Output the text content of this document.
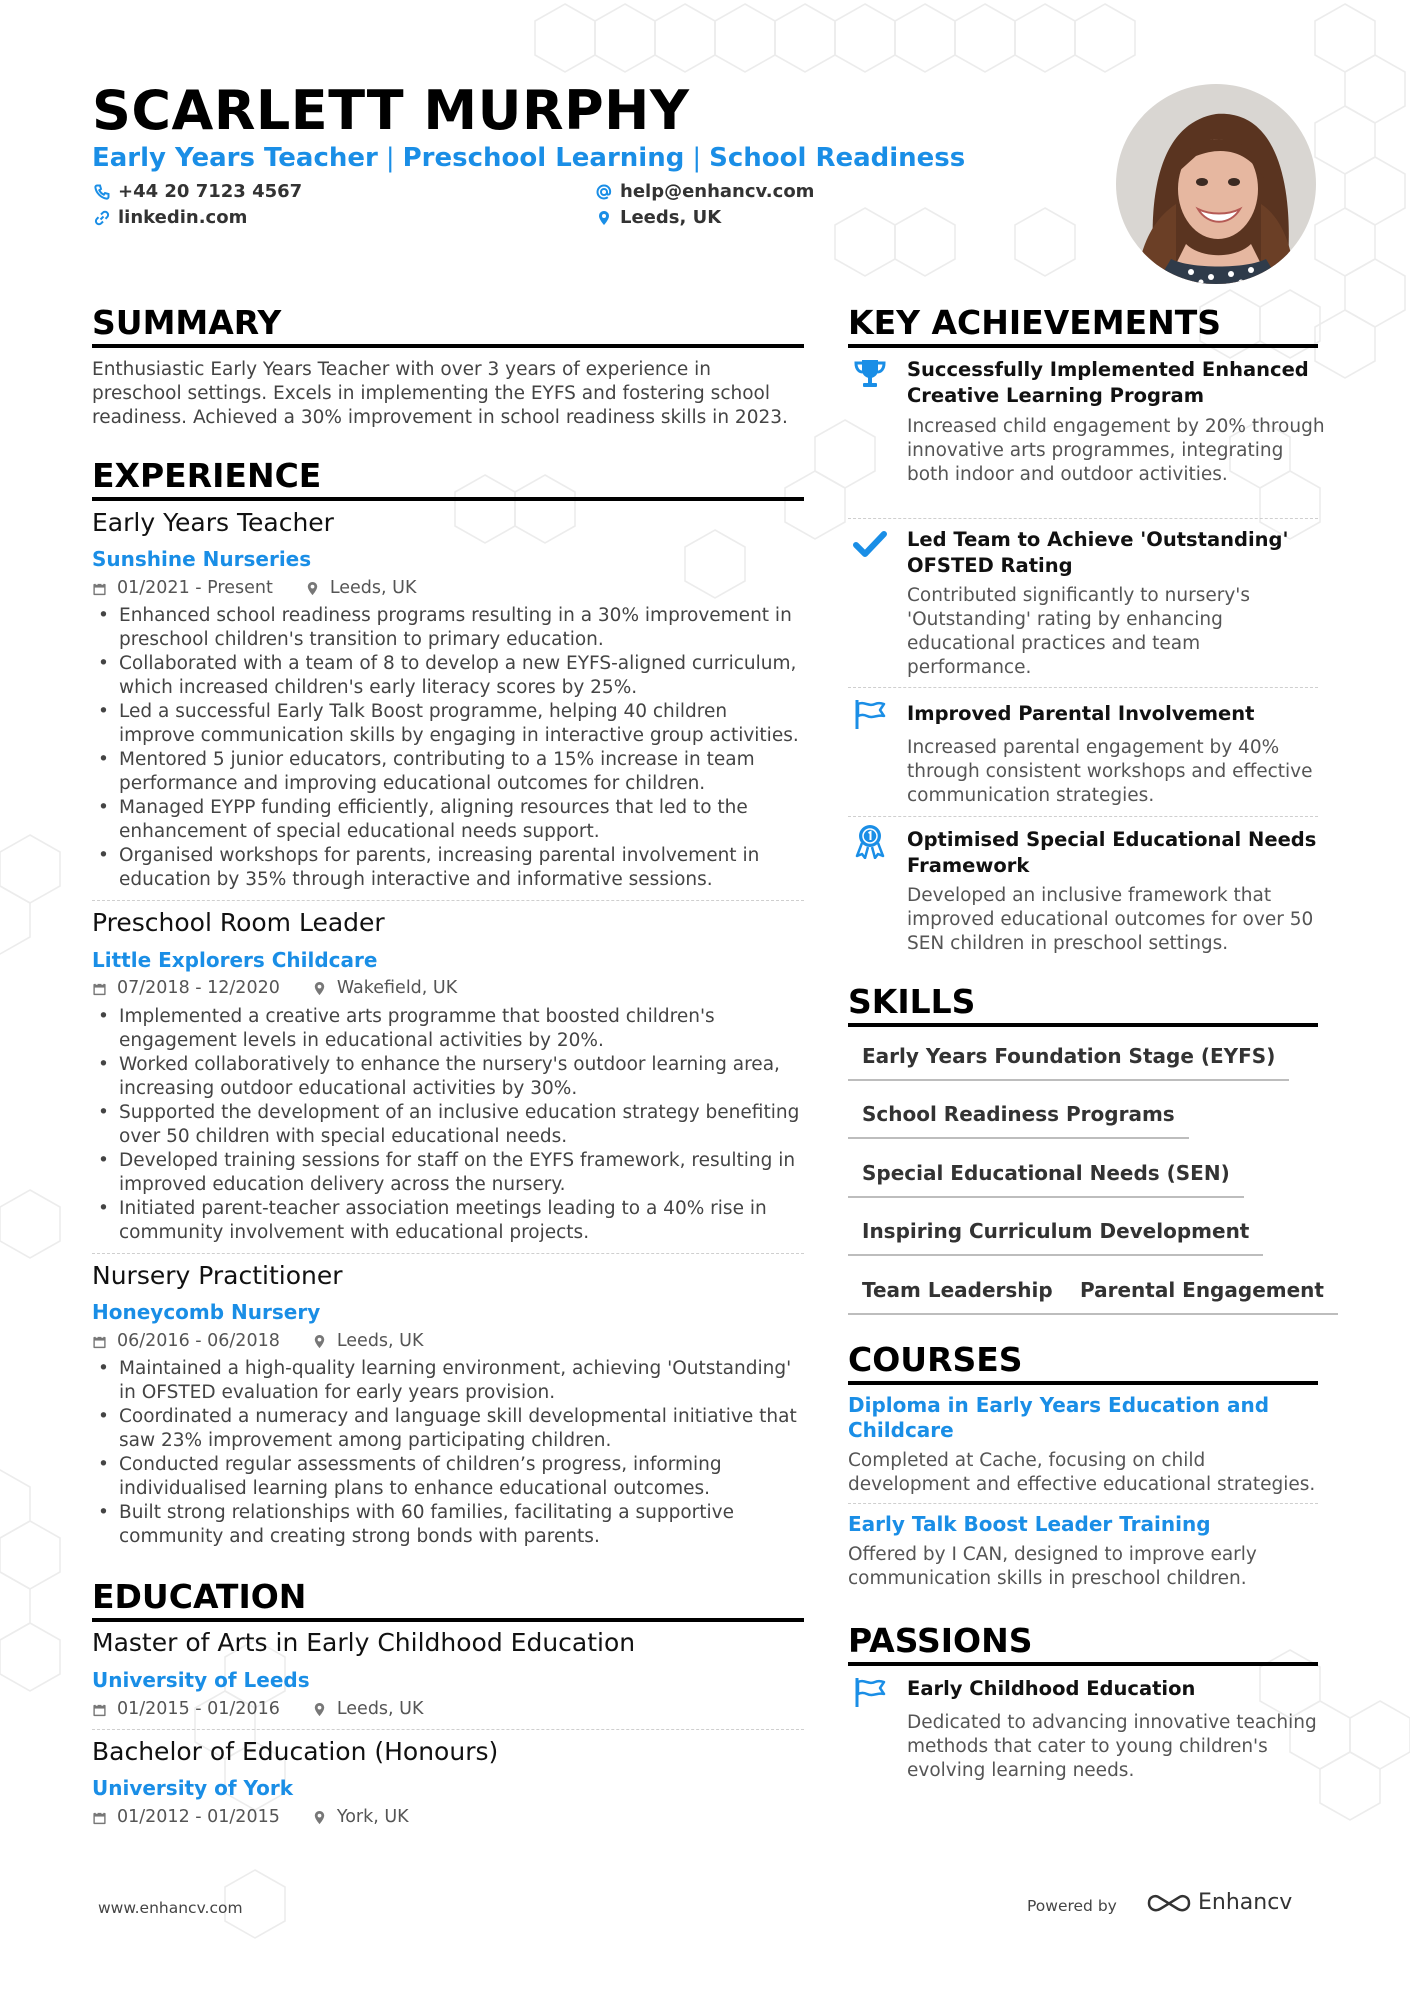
SCARLETT MURPHY
Early Years Teacher | Preschool Learning | School Readiness
+44 20 7123 4567	help@enhancv.com
linkedin.com	Leeds, UK
SUMMARY
Enthusiastic Early Years Teacher with over 3 years of experience in preschool settings. Excels in implementing the EYFS and fostering school readiness. Achieved a 30% improvement in school readiness skills in 2023.
EXPERIENCE
Early Years Teacher
Sunshine Nurseries
01/2021 - Present	Leeds, UK
• Enhanced school readiness programs resulting in a 30% improvement in preschool children's transition to primary education.
• Collaborated with a team of 8 to develop a new EYFS-aligned curriculum, which increased children's early literacy scores by 25%.
• Led a successful Early Talk Boost programme, helping 40 children improve communication skills by engaging in interactive group activities.
• Mentored 5 junior educators, contributing to a 15% increase in team performance and improving educational outcomes for children.
• Managed EYPP funding efficiently, aligning resources that led to the enhancement of special educational needs support.
• Organised workshops for parents, increasing parental involvement in education by 35% through interactive and informative sessions.
Preschool Room Leader
Little Explorers Childcare
07/2018 - 12/2020	Wakefield, UK
• Implemented a creative arts programme that boosted children's engagement levels in educational activities by 20%.
• Worked collaboratively to enhance the nursery's outdoor learning area, increasing outdoor educational activities by 30%.
• Supported the development of an inclusive education strategy benefiting over 50 children with special educational needs.
• Developed training sessions for staff on the EYFS framework, resulting in improved education delivery across the nursery.
• Initiated parent-teacher association meetings leading to a 40% rise in community involvement with educational projects.
Nursery Practitioner
Honeycomb Nursery
06/2016 - 06/2018	Leeds, UK
• Maintained a high-quality learning environment, achieving 'Outstanding' in OFSTED evaluation for early years provision.
• Coordinated a numeracy and language skill developmental initiative that saw 23% improvement among participating children.
• Conducted regular assessments of children’s progress, informing individualised learning plans to enhance educational outcomes.
• Built strong relationships with 60 families, facilitating a supportive community and creating strong bonds with parents.
EDUCATION
Master of Arts in Early Childhood Education
University of Leeds
01/2015 - 01/2016	Leeds, UK
Bachelor of Education (Honours)
University of York
01/2012 - 01/2015	York, UK
KEY ACHIEVEMENTS
Successfully Implemented Enhanced Creative Learning Program
Increased child engagement by 20% through innovative arts programmes, integrating both indoor and outdoor activities.
Led Team to Achieve 'Outstanding' OFSTED Rating
Contributed significantly to nursery's 'Outstanding' rating by enhancing educational practices and team performance.
Improved Parental Involvement
Increased parental engagement by 40% through consistent workshops and effective communication strategies.
Optimised Special Educational Needs Framework
Developed an inclusive framework that improved educational outcomes for over 50 SEN children in preschool settings.
SKILLS
Early Years Foundation Stage (EYFS)
School Readiness Programs
Special Educational Needs (SEN)
Inspiring Curriculum Development
Team Leadership	Parental Engagement
COURSES
Diploma in Early Years Education and Childcare
Completed at Cache, focusing on child development and effective educational strategies.
Early Talk Boost Leader Training
Offered by I CAN, designed to improve early communication skills in preschool children.
PASSIONS
Early Childhood Education
Dedicated to advancing innovative teaching methods that cater to young children's evolving learning needs.
www.enhancv.com	Powered by	Enhancv
